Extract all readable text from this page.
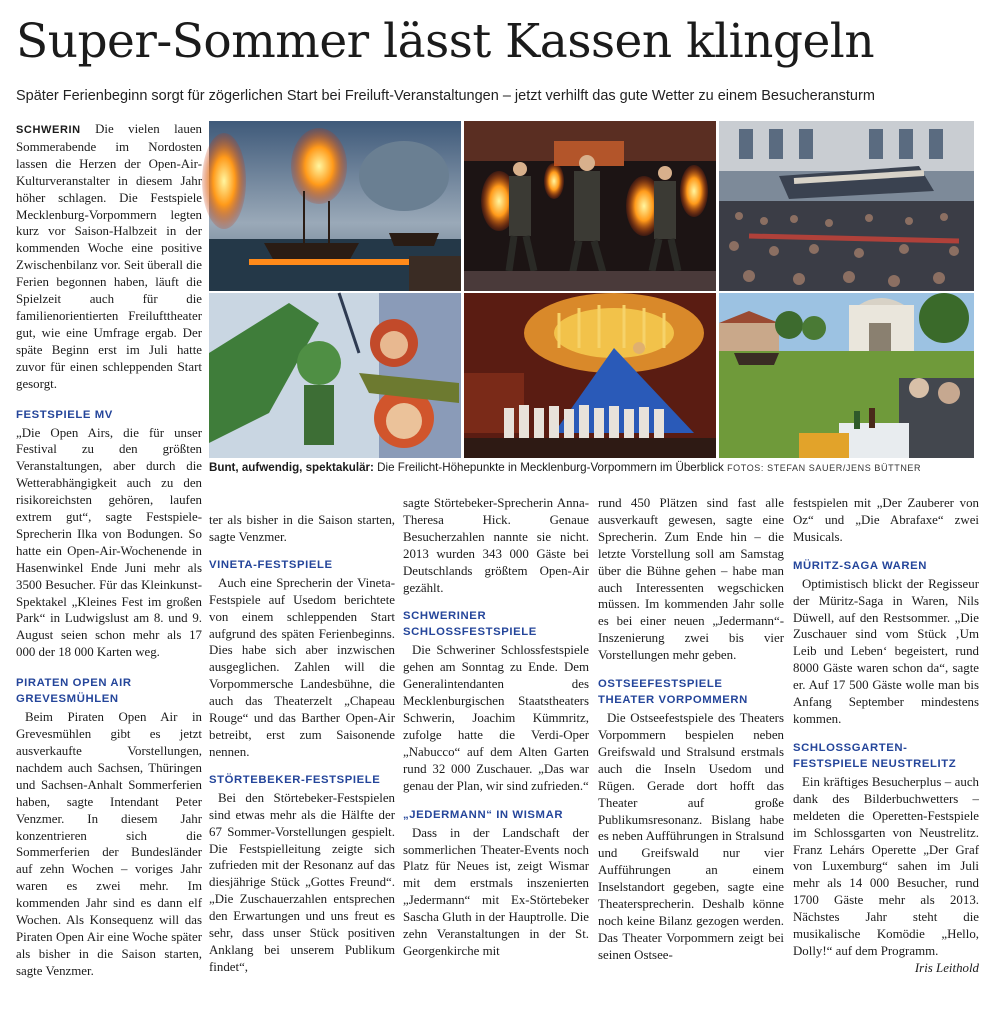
Super-Sommer lässt Kassen klingeln

Später Ferienbeginn sorgt für zögerlichen Start bei Freiluft-Veranstaltungen – jetzt verhilft das gute Wetter zu einem Besucheransturm

SCHWERIN Die vielen lauen Sommerabende im Nordosten lassen die Herzen der Open-Air-Kulturveranstalter in diesem Jahr höher schlagen. Die Festspiele Mecklenburg-Vorpommern legten kurz vor Saison-Halbzeit in der kommenden Woche eine positive Zwischenbilanz vor. Seit überall die Ferien begonnen haben, läuft die Spielzeit auch für die familienorientierten Freilufttheater gut, wie eine Umfrage ergab. Der späte Beginn erst im Juli hatte zuvor für einen schleppenden Start gesorgt.

FESTSPIELE MV

„Die Open Airs, die für unser Festival zu den größten Veranstaltungen, aber durch die Wetterabhängigkeit auch zu den risikoreichsten gehören, laufen extrem gut“, sagte Festspiele-Sprecherin Ilka von Bodungen. So hatte ein Open-Air-Wochenende in Hasenwinkel Ende Juni mehr als 3500 Besucher. Für das Kleinkunst-Spektakel „Kleines Fest im großen Park“ in Ludwigslust am 8. und 9. August seien schon mehr als 17 000 der 18 000 Karten weg.

PIRATEN OPEN AIR
GREVESMÜHLEN

Beim Piraten Open Air in Grevesmühlen gibt es jetzt ausverkaufte Vorstellungen, nachdem auch Sachsen, Thüringen und Sachsen-Anhalt Sommerferien haben, sagte Intendant Peter Venzmer. In diesem Jahr konzentrieren sich die Sommerferien der Bundesländer auf zehn Wochen – voriges Jahr waren es zwei mehr. Im kommenden Jahr sind es dann elf Wochen. Als Konsequenz will das Piraten Open Air eine Woche später als bisher in die Saison starten, sagte Venzmer.

Bunt, aufwendig, spektakulär: Die Freilicht-Höhepunkte in Mecklenburg-Vorpommern im Überblick FOTOS: STEFAN SAUER/JENS BÜTTNER

ter als bisher in die Saison starten, sagte Venzmer.

VINETA-FESTSPIELE

Auch eine Sprecherin der Vineta-Festspiele auf Usedom berichtete von einem schleppenden Start aufgrund des späten Ferienbeginns. Dies habe sich aber inzwischen ausgeglichen. Zahlen will die Vorpommersche Landesbühne, die auch das Theaterzelt „Chapeau Rouge“ und das Barther Open-Air betreibt, erst zum Saisonende nennen.

STÖRTEBEKER-FESTSPIELE

Bei den Störtebeker-Festspielen sind etwas mehr als die Hälfte der 67 Sommer-Vorstellungen gespielt. Die Festspielleitung zeigte sich zufrieden mit der Resonanz auf das diesjährige Stück „Gottes Freund“. „Die Zuschauerzahlen entsprechen den Erwartungen und uns freut es sehr, dass unser Stück positiven Anklang bei unserem Publikum findet“,

sagte Störtebeker-Sprecherin Anna-Theresa Hick. Genaue Besucherzahlen nannte sie nicht. 2013 wurden 343 000 Gäste bei Deutschlands größtem Open-Air gezählt.

SCHWERINER
SCHLOSSFESTSPIELE

Die Schweriner Schlossfestspiele gehen am Sonntag zu Ende. Dem Generalintendanten des Mecklenburgischen Staatstheaters Schwerin, Joachim Kümmritz, zufolge hatte die Verdi-Oper „Nabucco“ auf dem Alten Garten rund 32 000 Zuschauer. „Das war genau der Plan, wir sind zufrieden.“

„JEDERMANN“ IN WISMAR

Dass in der Landschaft der sommerlichen Theater-Events noch Platz für Neues ist, zeigt Wismar mit dem erstmals inszenierten „Jedermann“ mit Ex-Störtebeker Sascha Gluth in der Hauptrolle. Die zehn Veranstaltungen in der St. Georgenkirche mit

rund 450 Plätzen sind fast alle ausverkauft gewesen, sagte eine Sprecherin. Zum Ende hin – die letzte Vorstellung soll am Samstag über die Bühne gehen – habe man auch Interessenten wegschicken müssen. Im kommenden Jahr solle es bei einer neuen „Jedermann“-Inszenierung zwei bis vier Vorstellungen mehr geben.

OSTSEEFESTSPIELE
THEATER VORPOMMERN

Die Ostseefestspiele des Theaters Vorpommern bespielen neben Greifswald und Stralsund erstmals auch die Inseln Usedom und Rügen. Gerade dort hofft das Theater auf große Publikumsresonanz. Bislang habe es neben Aufführungen in Stralsund und Greifswald nur vier Aufführungen an einem Inselstandort gegeben, sagte eine Theatersprecherin. Deshalb könne noch keine Bilanz gezogen werden. Das Theater Vorpommern zeigt bei seinen Ostsee-

festspielen mit „Der Zauberer von Oz“ und „Die Abrafaxe“ zwei Musicals.

MÜRITZ-SAGA WAREN

Optimistisch blickt der Regisseur der Müritz-Saga in Waren, Nils Düwell, auf den Restsommer. „Die Zuschauer sind vom Stück ‚Um Leib und Leben‘ begeistert, rund 8000 Gäste waren schon da“, sagte er. Auf 17 500 Gäste wolle man bis Anfang September mindestens kommen.

SCHLOSSGARTEN-
FESTSPIELE NEUSTRELITZ

Ein kräftiges Besucherplus – auch dank des Bilderbuchwetters – meldeten die Operetten-Festspiele im Schlossgarten von Neustrelitz. Franz Lehárs Operette „Der Graf von Luxemburg“ sahen im Juli mehr als 14 000 Besucher, rund 1700 Gäste mehr als 2013. Nächstes Jahr steht die musikalische Komödie „Hello, Dolly!“ auf dem Programm.
Iris Leithold
